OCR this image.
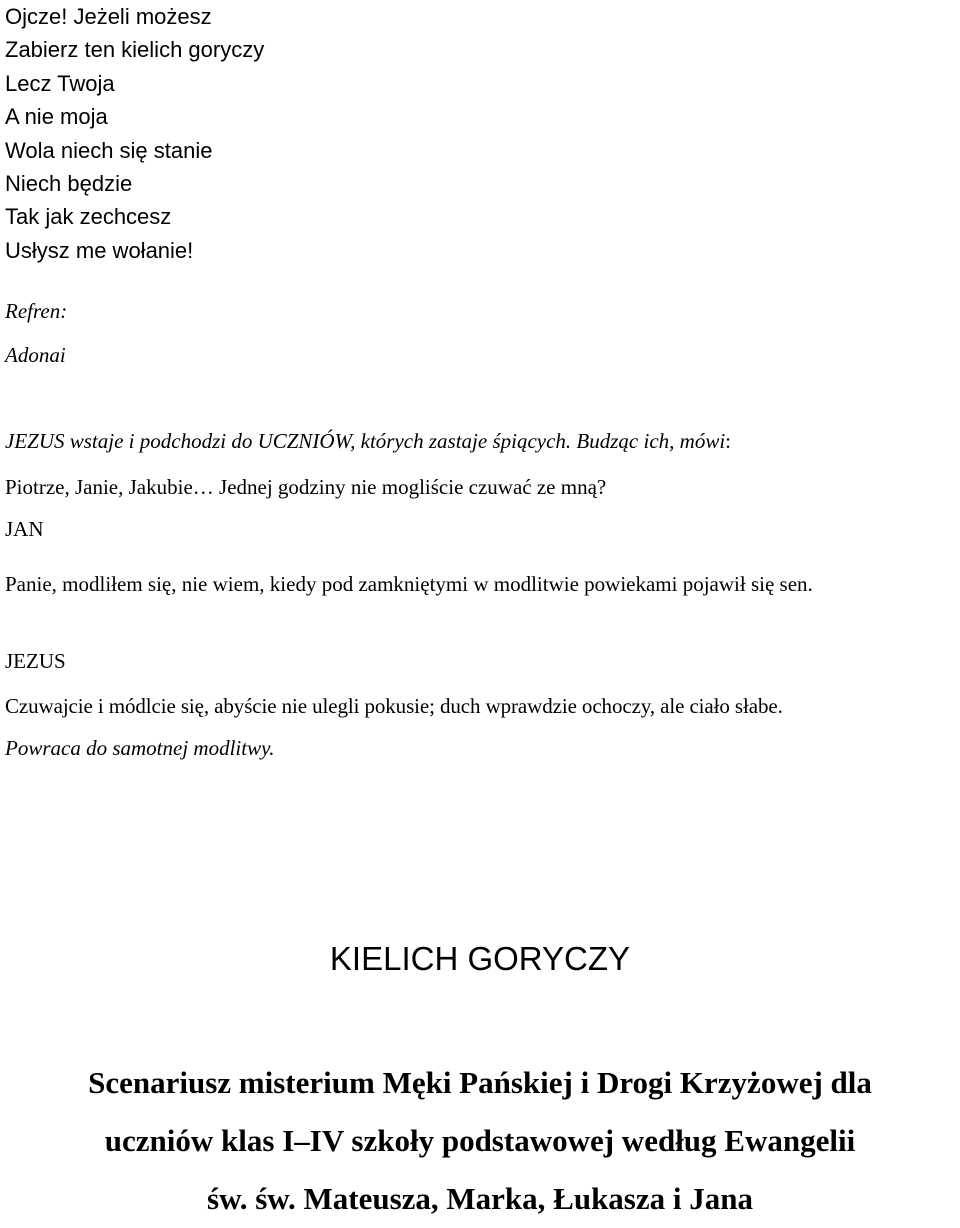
Ojcze! Jeżeli możesz
Zabierz ten kielich goryczy
Lecz Twoja
A nie moja
Wola niech się stanie
Niech będzie
Tak jak zechcesz
Usłysz me wołanie!
Refren:
Adonai
JEZUS wstaje i podchodzi do UCZNIÓW, których zastaje śpiących. Budząc ich, mówi:
Piotrze, Janie, Jakubie… Jednej godziny nie mogliście czuwać ze mną?
JAN
Panie, modliłem się, nie wiem, kiedy pod zamkniętymi w modlitwie powiekami pojawił się sen.
JEZUS
Czuwajcie i módlcie się, abyście nie ulegli pokusie; duch wprawdzie ochoczy, ale ciało słabe.
Powraca do samotnej modlitwy.
KIELICH GORYCZY
Scenariusz misterium Męki Pańskiej i Drogi Krzyżowej dla
uczniów klas I–IV szkoły podstawowej według Ewangelii
św. św. Mateusza, Marka, Łukasza i Jana
